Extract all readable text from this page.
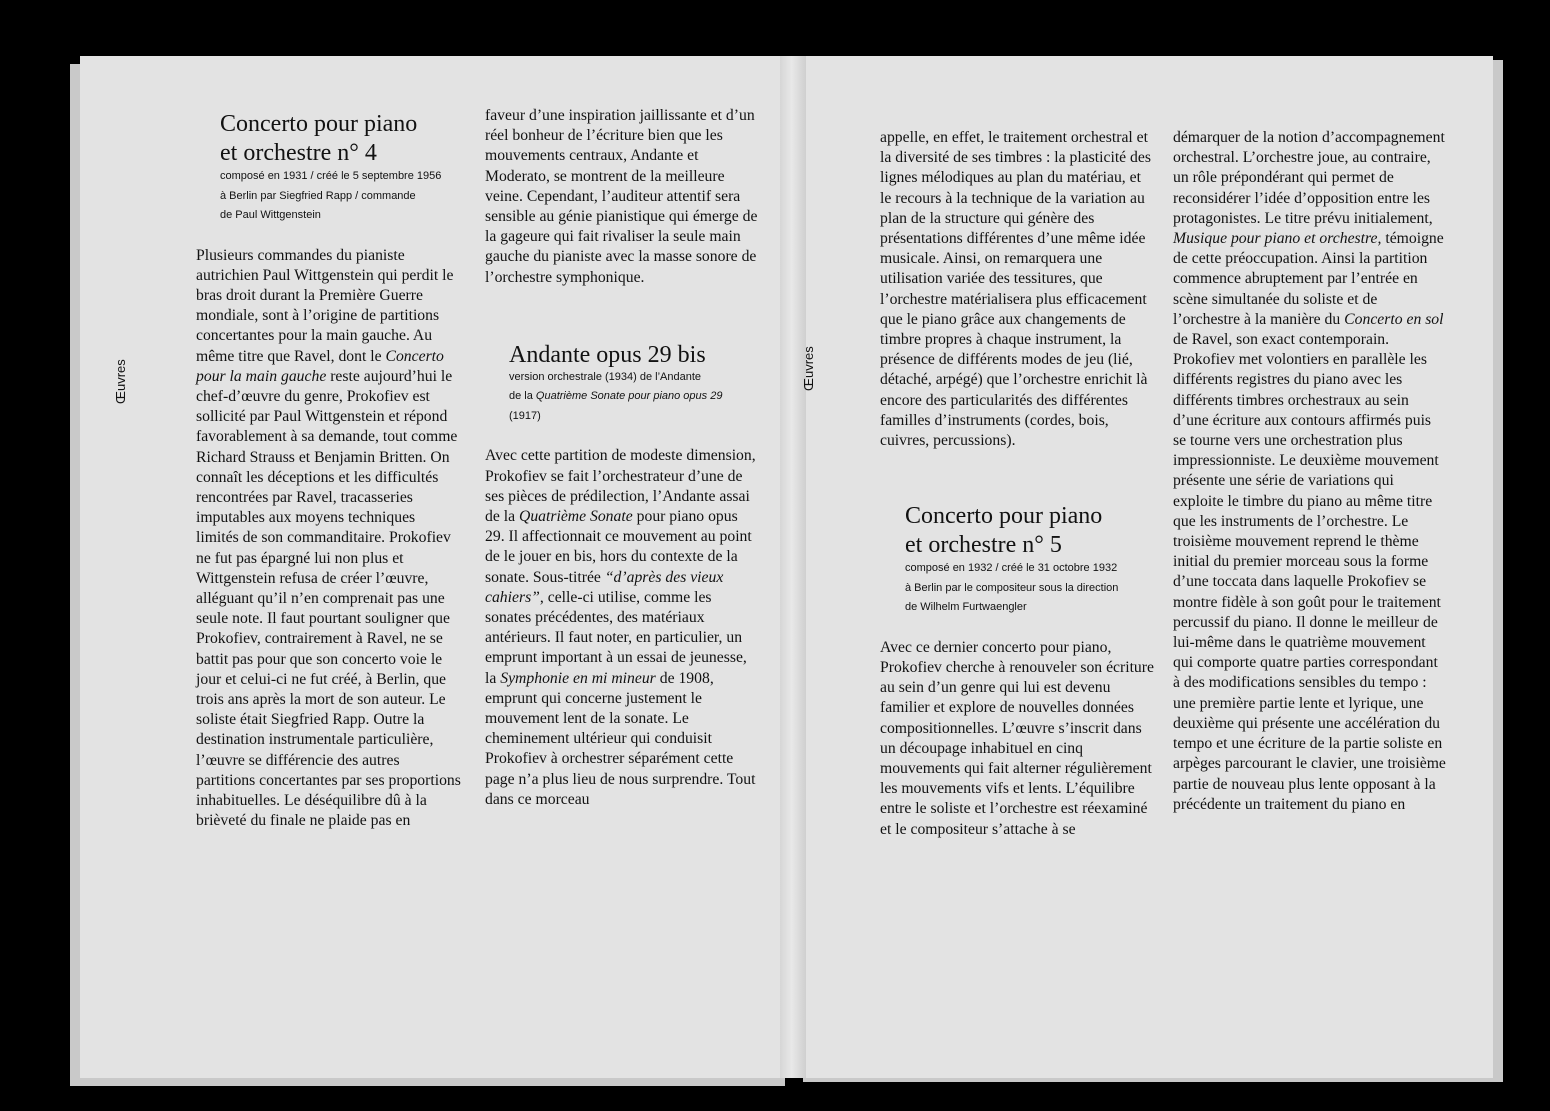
Œuvres	Œuvres
Concerto pour piano
et orchestre n° 4

composé en 1931 / créé le 5 septembre 1956
à Berlin par Siegfried Rapp / commande
de Paul Wittgenstein

Plusieurs commandes du pianiste autrichien Paul Wittgenstein qui perdit le bras droit durant la Première Guerre mondiale, sont à l’origine de partitions concertantes pour la main gauche. Au même titre que Ravel, dont le Concerto pour la main gauche reste aujourd’hui le chef-d’œuvre du genre, Prokofiev est sollicité par Paul Wittgenstein et répond favorablement à sa demande, tout comme Richard Strauss et Benjamin Britten. On connaît les déceptions et les difficultés rencontrées par Ravel, tracasseries imputables aux moyens techniques limités de son commanditaire. Prokofiev ne fut pas épargné lui non plus et Wittgenstein refusa de créer l’œuvre, alléguant qu’il n’en comprenait pas une seule note. Il faut pourtant souligner que Prokofiev, contrairement à Ravel, ne se battit pas pour que son concerto voie le jour et celui-ci ne fut créé, à Berlin, que trois ans après la mort de son auteur. Le soliste était Siegfried Rapp. Outre la destination instrumentale particulière, l’œuvre se différencie des autres partitions concertantes par ses proportions inhabituelles. Le déséquilibre dû à la brièveté du finale ne plaide pas en

faveur d’une inspiration jaillissante et d’un réel bonheur de l’écriture bien que les mouvements centraux, Andante et Moderato, se montrent de la meilleure veine. Cependant, l’auditeur attentif sera sensible au génie pianistique qui émerge de la gageure qui fait rivaliser la seule main gauche du pianiste avec la masse sonore de l’orchestre symphonique.

Andante opus 29 bis

version orchestrale (1934) de l’Andante
de la Quatrième Sonate pour piano opus 29
(1917)

Avec cette partition de modeste dimension, Prokofiev se fait l’orchestrateur d’une de ses pièces de prédilection, l’Andante assai de la Quatrième Sonate pour piano opus 29. Il affectionnait ce mouvement au point de le jouer en bis, hors du contexte de la sonate. Sous-titrée “d’après des vieux cahiers”, celle-ci utilise, comme les sonates précédentes, des matériaux antérieurs. Il faut noter, en particulier, un emprunt important à un essai de jeunesse, la Symphonie en mi mineur de 1908, emprunt qui concerne justement le mouvement lent de la sonate. Le cheminement ultérieur qui conduisit Prokofiev à orchestrer séparément cette page n’a plus lieu de nous surprendre. Tout dans ce morceau

appelle, en effet, le traitement orchestral et la diversité de ses timbres : la plasticité des lignes mélodiques au plan du matériau, et le recours à la technique de la variation au plan de la structure qui génère des présentations différentes d’une même idée musicale. Ainsi, on remarquera une utilisation variée des tessitures, que l’orchestre matérialisera plus efficacement que le piano grâce aux changements de timbre propres à chaque instrument, la présence de différents modes de jeu (lié, détaché, arpégé) que l’orchestre enrichit là encore des particularités des différentes familles d’instruments (cordes, bois, cuivres, percussions).

Concerto pour piano
et orchestre n° 5

composé en 1932 / créé le 31 octobre 1932
à Berlin par le compositeur sous la direction
de Wilhelm Furtwaengler

Avec ce dernier concerto pour piano, Prokofiev cherche à renouveler son écriture au sein d’un genre qui lui est devenu familier et explore de nouvelles données compositionnelles. L’œuvre s’inscrit dans un découpage inhabituel en cinq mouvements qui fait alterner régulièrement les mouvements vifs et lents. L’équilibre entre le soliste et l’orchestre est réexaminé et le compositeur s’attache à se

démarquer de la notion d’accompagnement orchestral. L’orchestre joue, au contraire, un rôle prépondérant qui permet de reconsidérer l’idée d’opposition entre les protagonistes. Le titre prévu initialement, Musique pour piano et orchestre, témoigne de cette préoccupation. Ainsi la partition commence abruptement par l’entrée en scène simultanée du soliste et de l’orchestre à la manière du Concerto en sol de Ravel, son exact contemporain. Prokofiev met volontiers en parallèle les différents registres du piano avec les différents timbres orchestraux au sein d’une écriture aux contours affirmés puis se tourne vers une orchestration plus impressionniste. Le deuxième mouvement présente une série de variations qui exploite le timbre du piano au même titre que les instruments de l’orchestre. Le troisième mouvement reprend le thème initial du premier morceau sous la forme d’une toccata dans laquelle Prokofiev se montre fidèle à son goût pour le traitement percussif du piano. Il donne le meilleur de lui-même dans le quatrième mouvement qui comporte quatre parties correspondant à des modifications sensibles du tempo : une première partie lente et lyrique, une deuxième qui présente une accélération du tempo et une écriture de la partie soliste en arpèges parcourant le clavier, une troisième partie de nouveau plus lente opposant à la précédente un traitement du piano en
